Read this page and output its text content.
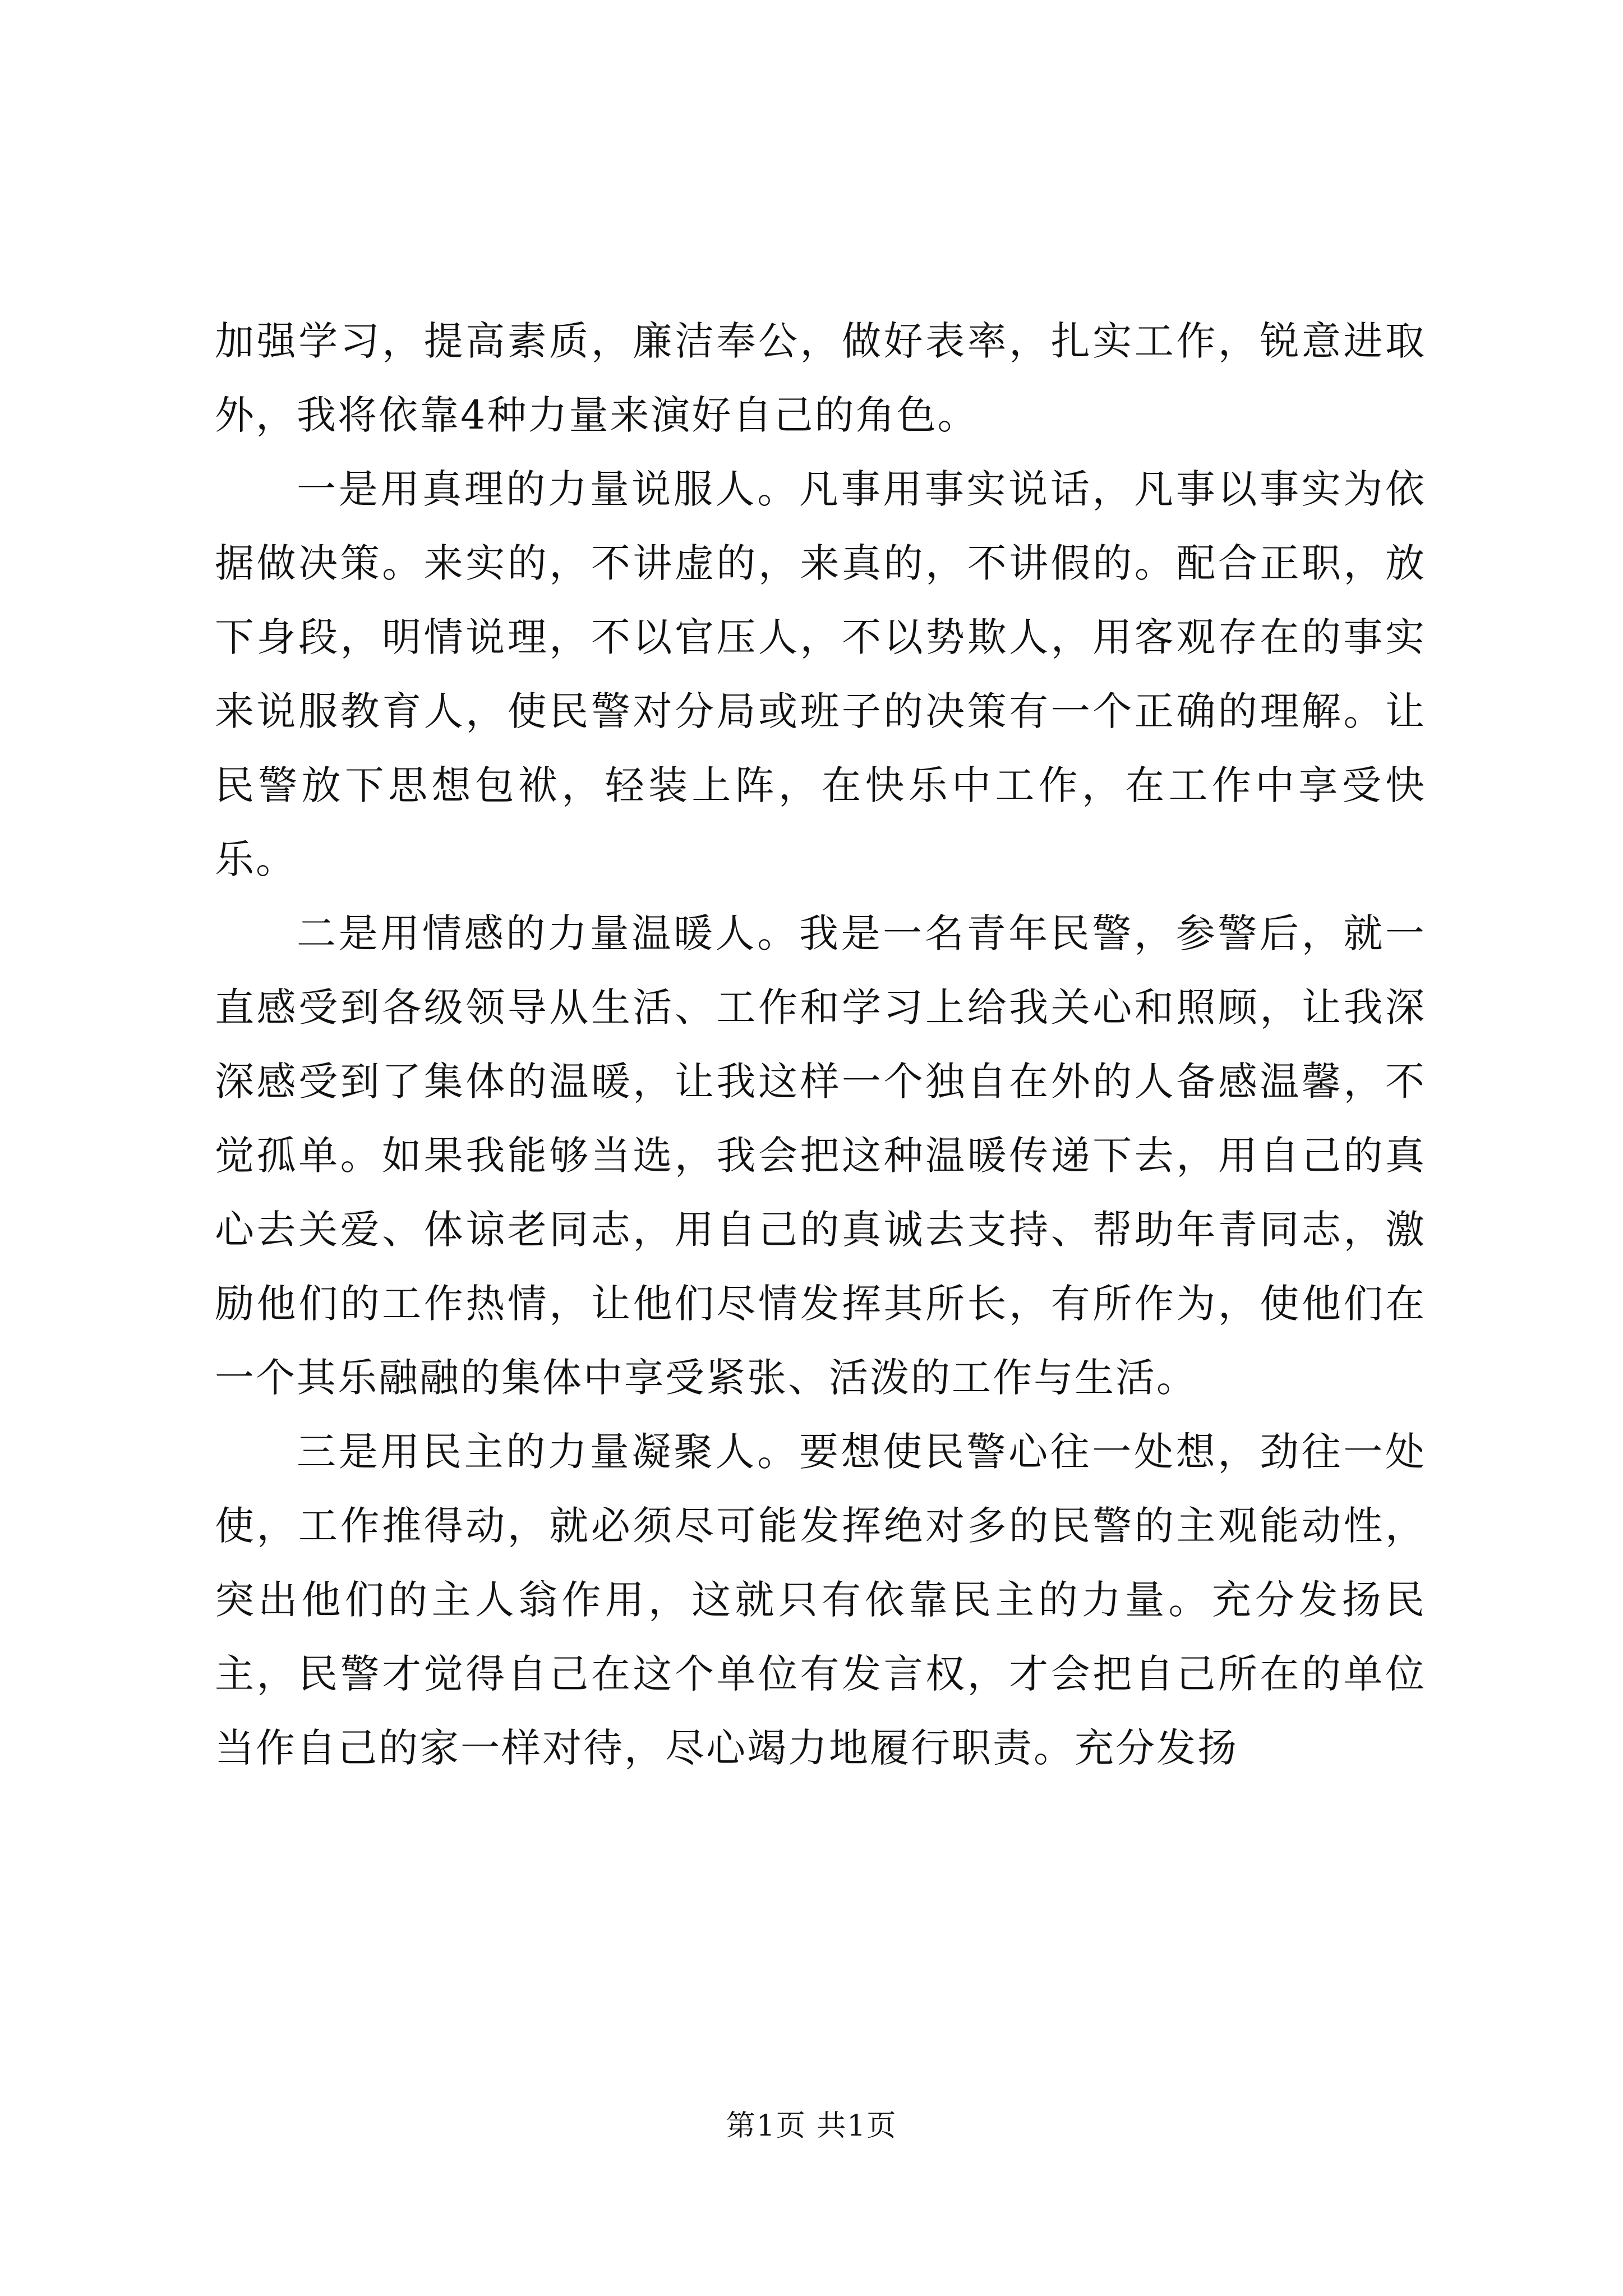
加强学习，提高素质，廉洁奉公，做好表率，扎实工作，锐意进取外，我将依靠4种力量来演好自己的角色。

一是用真理的力量说服人。凡事用事实说话，凡事以事实为依据做决策。来实的，不讲虚的，来真的，不讲假的。配合正职，放下身段，明情说理，不以官压人，不以势欺人，用客观存在的事实来说服教育人，使民警对分局或班子的决策有一个正确的理解。让民警放下思想包袱，轻装上阵，在快乐中工作，在工作中享受快乐。

二是用情感的力量温暖人。我是一名青年民警，参警后，就一直感受到各级领导从生活、工作和学习上给我关心和照顾，让我深深感受到了集体的温暖，让我这样一个独自在外的人备感温馨，不觉孤单。如果我能够当选，我会把这种温暖传递下去，用自己的真心去关爱、体谅老同志，用自己的真诚去支持、帮助年青同志，激励他们的工作热情，让他们尽情发挥其所长，有所作为，使他们在一个其乐融融的集体中享受紧张、活泼的工作与生活。

三是用民主的力量凝聚人。要想使民警心往一处想，劲往一处使，工作推得动，就必须尽可能发挥绝对多的民警的主观能动性，突出他们的主人翁作用，这就只有依靠民主的力量。充分发扬民主，民警才觉得自己在这个单位有发言权，才会把自己所在的单位当作自己的家一样对待，尽心竭力地履行职责。充分发扬

第1页 共1页
